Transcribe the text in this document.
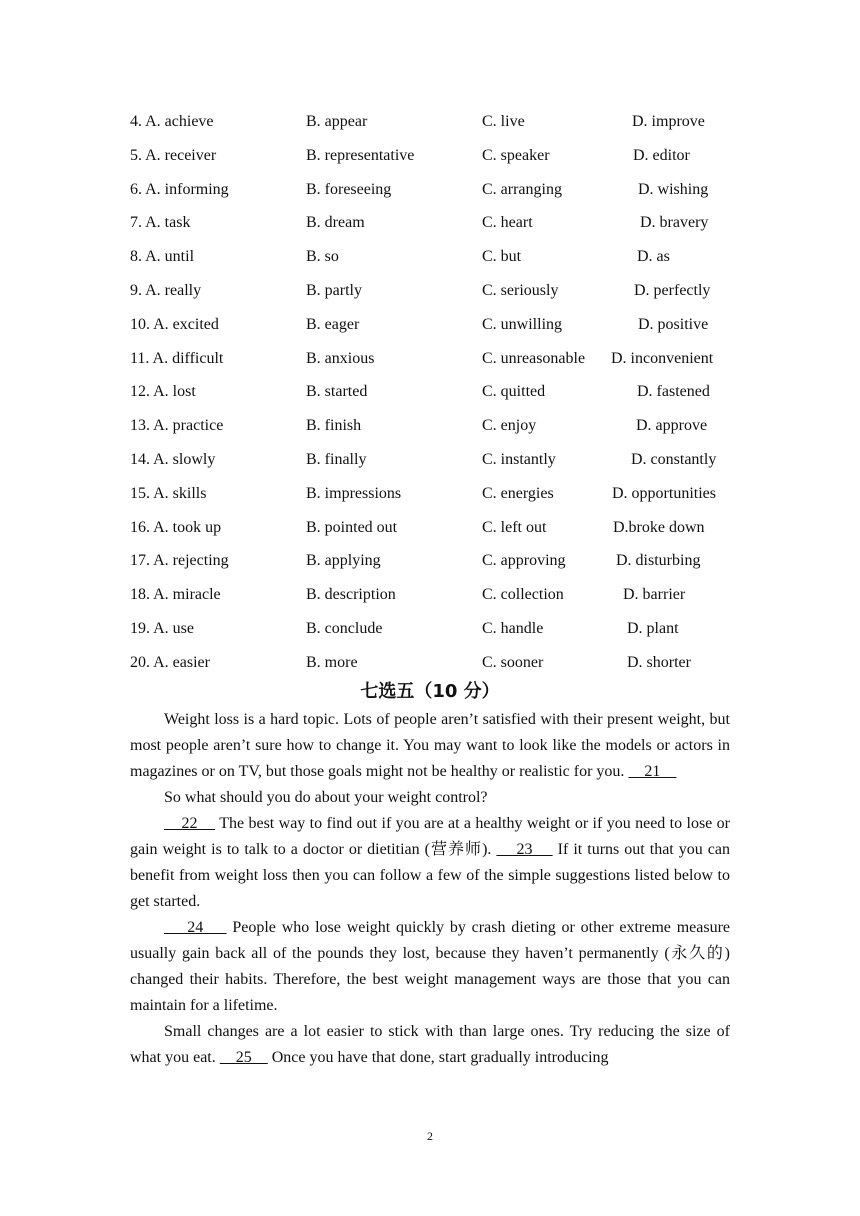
4. A. achieve	B. appear	C. live	D. improve
5. A. receiver	B. representative	C. speaker	D. editor
6. A. informing	B. foreseeing	C. arranging	D. wishing
7. A. task	B. dream	C. heart	D. bravery
8. A. until	B. so	C. but	D. as
9. A. really	B. partly	C. seriously	D. perfectly
10. A. excited	B. eager	C. unwilling	D. positive
11. A. difficult	B. anxious	C. unreasonable D. inconvenient
12. A. lost	B. started	C. quitted	D. fastened
13. A. practice	B. finish	C. enjoy	D. approve
14. A. slowly	B. finally	C. instantly	D. constantly
15. A. skills	B. impressions	C. energies	D. opportunities
16. A. took up	B. pointed out	C. left out	D.broke down
17. A. rejecting	B. applying	C. approving	D. disturbing
18. A. miracle	B. description	C. collection	D. barrier
19. A. use	B. conclude	C. handle	D. plant
20. A. easier	B. more	C. sooner	D. shorter
七选五（10 分）

Weight loss is a hard topic. Lots of people aren’t satisfied with their present weight, but most people aren’t sure how to change it. You may want to look like the models or actors in magazines or on TV, but those goals might not be healthy or realistic for you.     21

So what should you do about your weight control?

22     The best way to find out if you are at a healthy weight or if you need to lose or gain weight is to talk to a doctor or dietitian (营养师).     23     If it turns out that you can benefit from weight loss then you can follow a few of the simple suggestions listed below to get started.

24     People who lose weight quickly by crash dieting or other extreme measure usually gain back all of the pounds they lost, because they haven’t permanently (永久的) changed their habits. Therefore, the best weight management ways are those that you can maintain for a lifetime.

Small changes are a lot easier to stick with than large ones. Try reducing the size of what you eat.     25     Once you have that done, start gradually introducing

2
